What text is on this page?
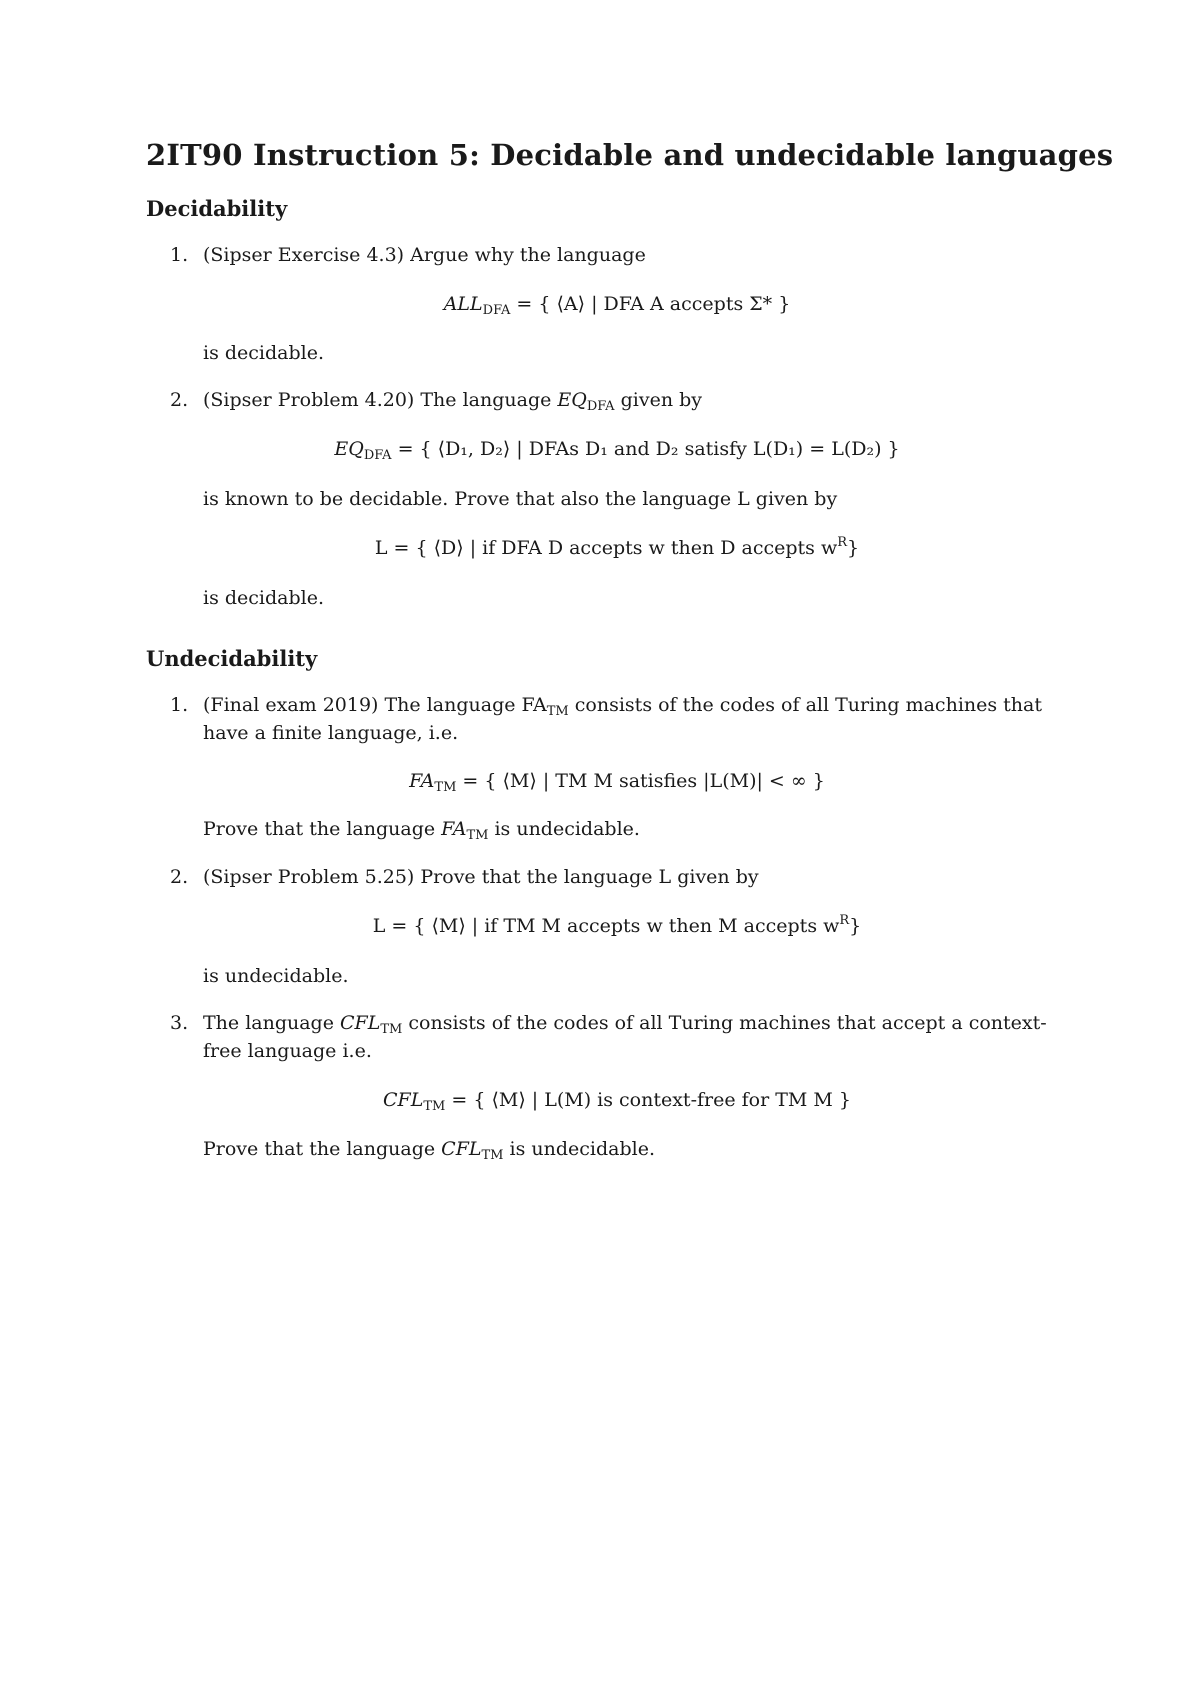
2IT90 Instruction 5: Decidable and undecidable languages
Decidability
1. (Sipser Exercise 4.3) Argue why the language
$ALL_{DFA}$ = { ⟨A⟩ | DFA A accepts Σ* }
is decidable.
2. (Sipser Problem 4.20) The language $EQ_{DFA}$ given by
$EQ_{DFA}$ = { ⟨D₁, D₂⟩ | DFAs D₁ and D₂ satisfy L(D₁) = L(D₂) }
is known to be decidable. Prove that also the language L given by
L = { ⟨D⟩ | if DFA D accepts w then D accepts $w^R$}
is decidable.
Undecidability
1. (Final exam 2019) The language $FA_{TM}$ consists of the codes of all Turing machines that
have a finite language, i.e.
$FA_{TM}$ = { ⟨M⟩ | TM M satisfies |L(M)| < ∞ }
Prove that the language $FA_{TM}$ is undecidable.
2. (Sipser Problem 5.25) Prove that the language L given by
L = { ⟨M⟩ | if TM M accepts w then M accepts $w^R$}
is undecidable.
3. The language $CFL_{TM}$ consists of the codes of all Turing machines that accept a context-
free language i.e.
$CFL_{TM}$ = { ⟨M⟩ | L(M) is context-free for TM M }
Prove that the language $CFL_{TM}$ is undecidable.
